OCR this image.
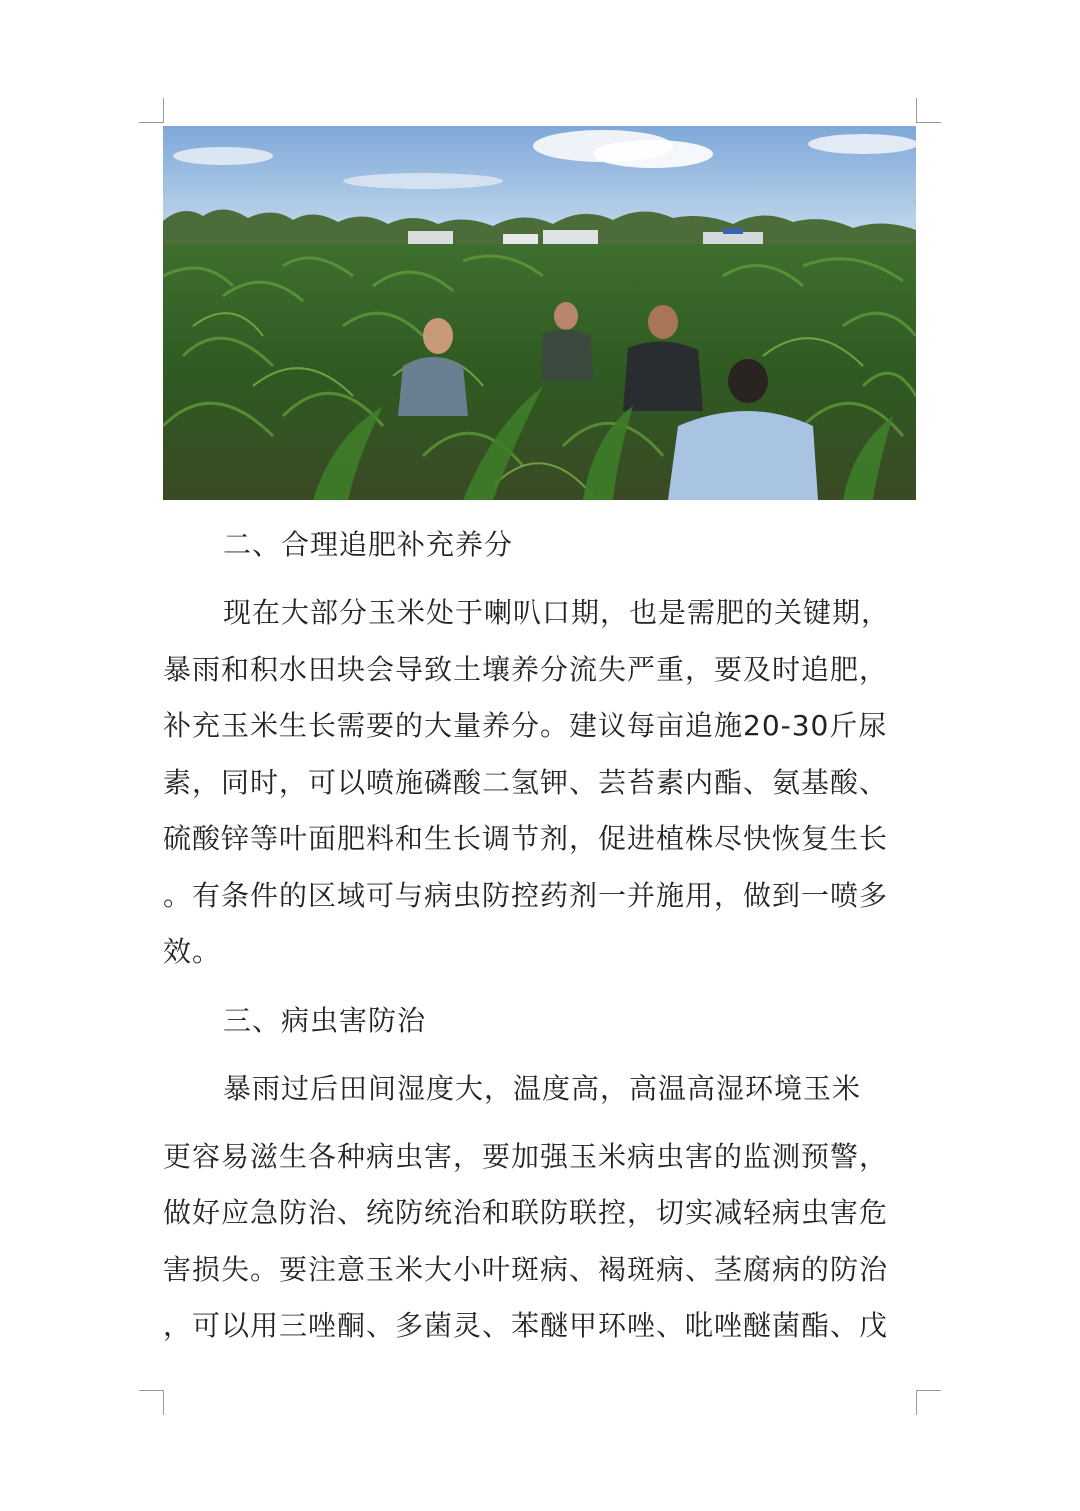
二、合理追肥补充养分

现在大部分玉米处于喇叭口期，也是需肥的关键期，

暴雨和积水田块会导致土壤养分流失严重，要及时追肥，

补充玉米生长需要的大量养分。建议每亩追施20-30斤尿

素，同时，可以喷施磷酸二氢钾、芸苔素内酯、氨基酸、

硫酸锌等叶面肥料和生长调节剂，促进植株尽快恢复生长

。有条件的区域可与病虫防控药剂一并施用，做到一喷多

效。

三、病虫害防治

暴雨过后田间湿度大，温度高，高温高湿环境玉米

更容易滋生各种病虫害，要加强玉米病虫害的监测预警，

做好应急防治、统防统治和联防联控，切实减轻病虫害危

害损失。要注意玉米大小叶斑病、褐斑病、茎腐病的防治

，可以用三唑酮、多菌灵、苯醚甲环唑、吡唑醚菌酯、戊
